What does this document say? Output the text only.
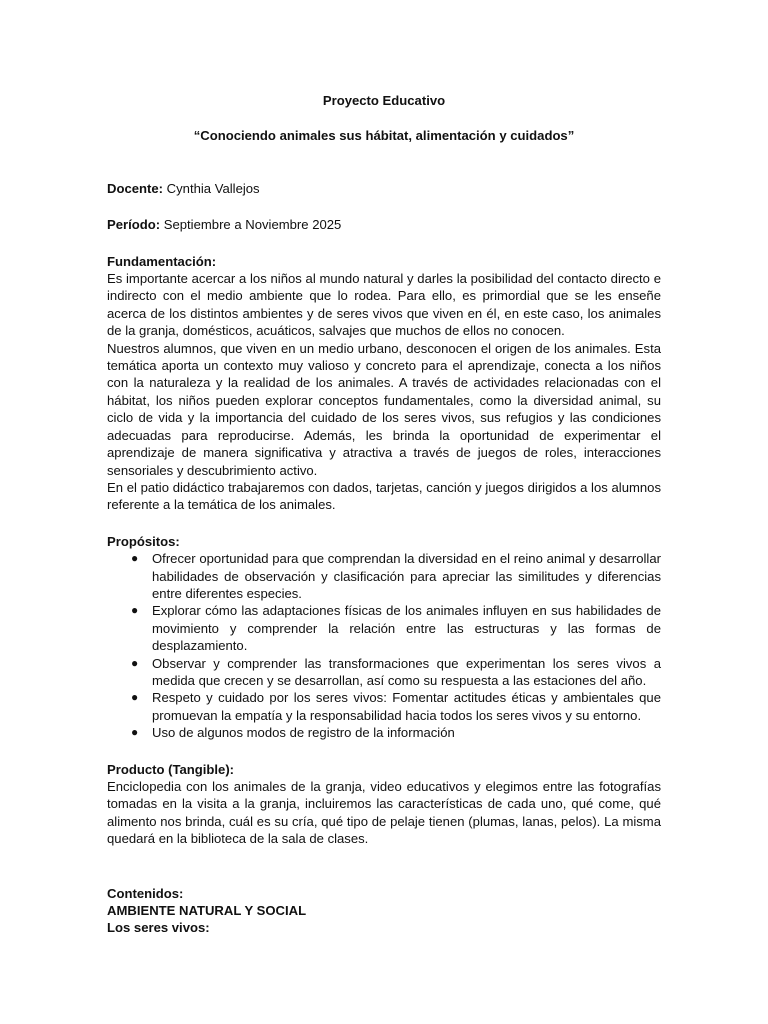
Proyecto Educativo

“Conociendo animales sus hábitat, alimentación y cuidados”

Docente: Cynthia Vallejos

Período: Septiembre a Noviembre 2025

Fundamentación:

Es importante acercar a los niños al mundo natural y darles la posibilidad del contacto directo e indirecto con el medio ambiente que lo rodea. Para ello, es primordial que se les enseñe acerca de los distintos ambientes y de seres vivos que viven en él, en este caso, los animales de la granja, domésticos, acuáticos, salvajes que muchos de ellos no conocen.

Nuestros alumnos, que viven en un medio urbano, desconocen el origen de los animales. Esta temática aporta un contexto muy valioso y concreto para el aprendizaje, conecta a los niños con la naturaleza y la realidad de los animales. A través de actividades relacionadas con el hábitat, los niños pueden explorar conceptos fundamentales, como la diversidad animal, su ciclo de vida y la importancia del cuidado de los seres vivos, sus refugios y las condiciones adecuadas para reproducirse. Además, les brinda la oportunidad de experimentar el aprendizaje de manera significativa y atractiva a través de juegos de roles, interacciones sensoriales y descubrimiento activo.

En el patio didáctico trabajaremos con dados, tarjetas, canción y juegos dirigidos a los alumnos referente a la temática de los animales.

Propósitos:

● Ofrecer oportunidad para que comprendan la diversidad en el reino animal y desarrollar habilidades de observación y clasificación para apreciar las similitudes y diferencias entre diferentes especies.
● Explorar cómo las adaptaciones físicas de los animales influyen en sus habilidades de movimiento y comprender la relación entre las estructuras y las formas de desplazamiento.
● Observar y comprender las transformaciones que experimentan los seres vivos a medida que crecen y se desarrollan, así como su respuesta a las estaciones del año.
● Respeto y cuidado por los seres vivos: Fomentar actitudes éticas y ambientales que promuevan la empatía y la responsabilidad hacia todos los seres vivos y su entorno.
● Uso de algunos modos de registro de la información

Producto (Tangible):

Enciclopedia con los animales de la granja, video educativos y elegimos entre las fotografías tomadas en la visita a la granja, incluiremos las características de cada uno, qué come, qué alimento nos brinda, cuál es su cría, qué tipo de pelaje tienen (plumas, lanas, pelos). La misma quedará en la biblioteca de la sala de clases.

Contenidos:

AMBIENTE NATURAL Y SOCIAL

Los seres vivos:
